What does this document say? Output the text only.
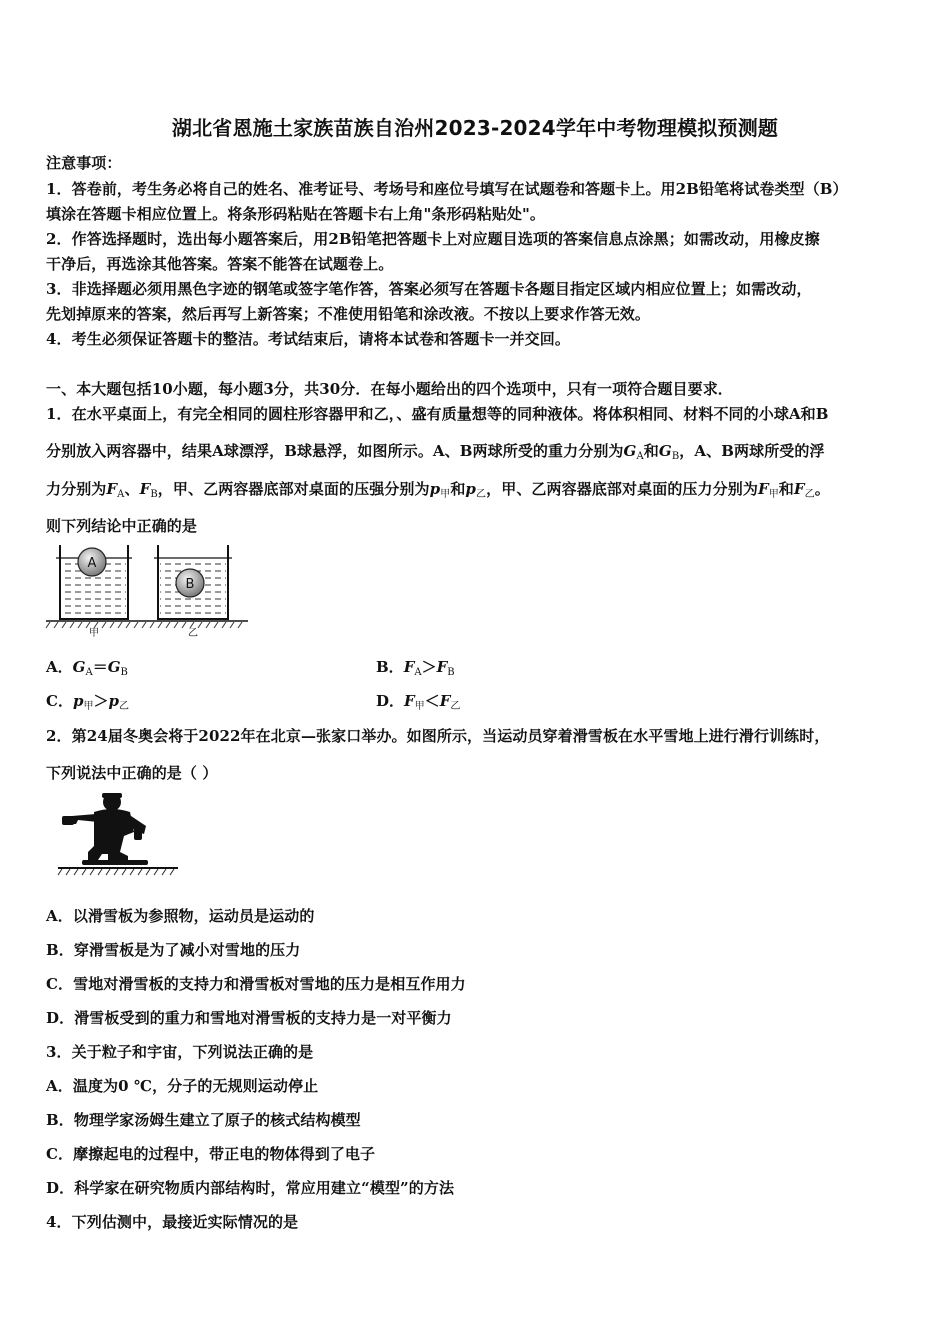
湖北省恩施土家族苗族自治州2023-2024学年中考物理模拟预测题
注意事项：
1．答卷前，考生务必将自己的姓名、准考证号、考场号和座位号填写在试题卷和答题卡上。用2B铅笔将试卷类型（B）
填涂在答题卡相应位置上。将条形码粘贴在答题卡右上角"条形码粘贴处"。
2．作答选择题时，选出每小题答案后，用2B铅笔把答题卡上对应题目选项的答案信息点涂黑；如需改动，用橡皮擦
干净后，再选涂其他答案。答案不能答在试题卷上。
3．非选择题必须用黑色字迹的钢笔或签字笔作答，答案必须写在答题卡各题目指定区域内相应位置上；如需改动，
先划掉原来的答案，然后再写上新答案；不准使用铅笔和涂改液。不按以上要求作答无效。
4．考生必须保证答题卡的整洁。考试结束后，请将本试卷和答题卡一并交回。
一、本大题包括10小题，每小题3分，共30分．在每小题给出的四个选项中，只有一项符合题目要求．
1．在水平桌面上，有完全相同的圆柱形容器甲和乙，、盛有质量想等的同种液体。将体积相同、材料不同的小球A和B
分别放入两容器中，结果A球漂浮，B球悬浮，如图所示。A、B两球所受的重力分别为$G_A$和$G_B$，A、B两球所受的浮
力分别为$F_A$、$F_B$，甲、乙两容器底部对桌面的压强分别为$p_甲$和$p_乙$，甲、乙两容器底部对桌面的压力分别为$F_甲$和$F_乙$。
则下列结论中正确的是
A
B
甲	乙
A．$G_A=G_B$	B．$F_A>F_B$
C．$p_甲>p_乙$	D．$F_甲<F_乙$
2．第24届冬奥会将于2022年在北京—张家口举办。如图所示，当运动员穿着滑雪板在水平雪地上进行滑行训练时，
下列说法中正确的是（ ）
A．以滑雪板为参照物，运动员是运动的
B．穿滑雪板是为了减小对雪地的压力
C．雪地对滑雪板的支持力和滑雪板对雪地的压力是相互作用力
D．滑雪板受到的重力和雪地对滑雪板的支持力是一对平衡力
3．关于粒子和宇宙，下列说法正确的是
A．温度为0 ℃，分子的无规则运动停止
B．物理学家汤姆生建立了原子的核式结构模型
C．摩擦起电的过程中，带正电的物体得到了电子
D．科学家在研究物质内部结构时，常应用建立“模型”的方法
4．下列估测中，最接近实际情况的是
